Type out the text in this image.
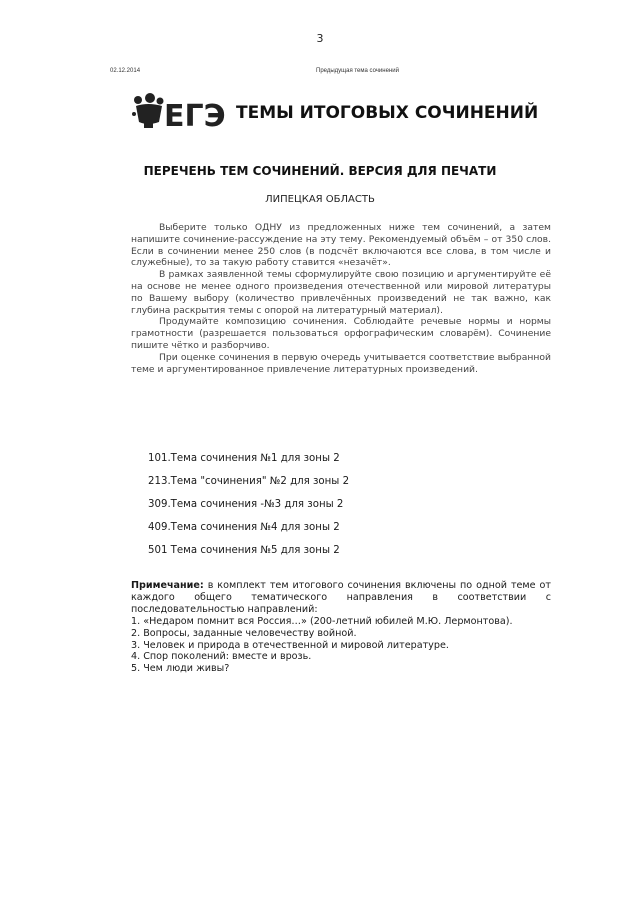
3
02.12.2014	Предыдущая тема сочинений
ЕГЭ ТЕМЫ ИТОГОВЫХ СОЧИНЕНИЙ
ПЕРЕЧЕНЬ ТЕМ СОЧИНЕНИЙ. ВЕРСИЯ ДЛЯ ПЕЧАТИ
ЛИПЕЦКАЯ ОБЛАСТЬ

Выберите только ОДНУ из предложенных ниже тем сочинений, а затем напишите сочинение-рассуждение на эту тему. Рекомендуемый объём – от 350 слов. Если в сочинении менее 250 слов (в подсчёт включаются все слова, в том числе и служебные), то за такую работу ставится «незачёт».

В рамках заявленной темы сформулируйте свою позицию и аргументируйте её на основе не менее одного произведения отечественной или мировой литературы по Вашему выбору (количество привлечённых произведений не так важно, как глубина раскрытия темы с опорой на литературный материал).

Продумайте композицию сочинения. Соблюдайте речевые нормы и нормы грамотности (разрешается пользоваться орфографическим словарём). Сочинение пишите чётко и разборчиво.

При оценке сочинения в первую очередь учитывается соответствие выбранной теме и аргументированное привлечение литературных произведений.

101.Тема сочинения №1 для зоны 2
213.Тема "сочинения" №2 для зоны 2
309.Тема сочинения -№3 для зоны 2
409.Тема сочинения №4 для зоны 2
501 Тема сочинения №5 для зоны 2

Примечание: в комплект тем итогового сочинения включены по одной теме от каждого общего тематического направления в соответствии с последовательностью направлений:

1. «Недаром помнит вся Россия…» (200-летний юбилей М.Ю. Лермонтова).
2. Вопросы, заданные человечеству войной.
3. Человек и природа в отечественной и мировой литературе.
4. Спор поколений: вместе и врозь.
5. Чем люди живы?
